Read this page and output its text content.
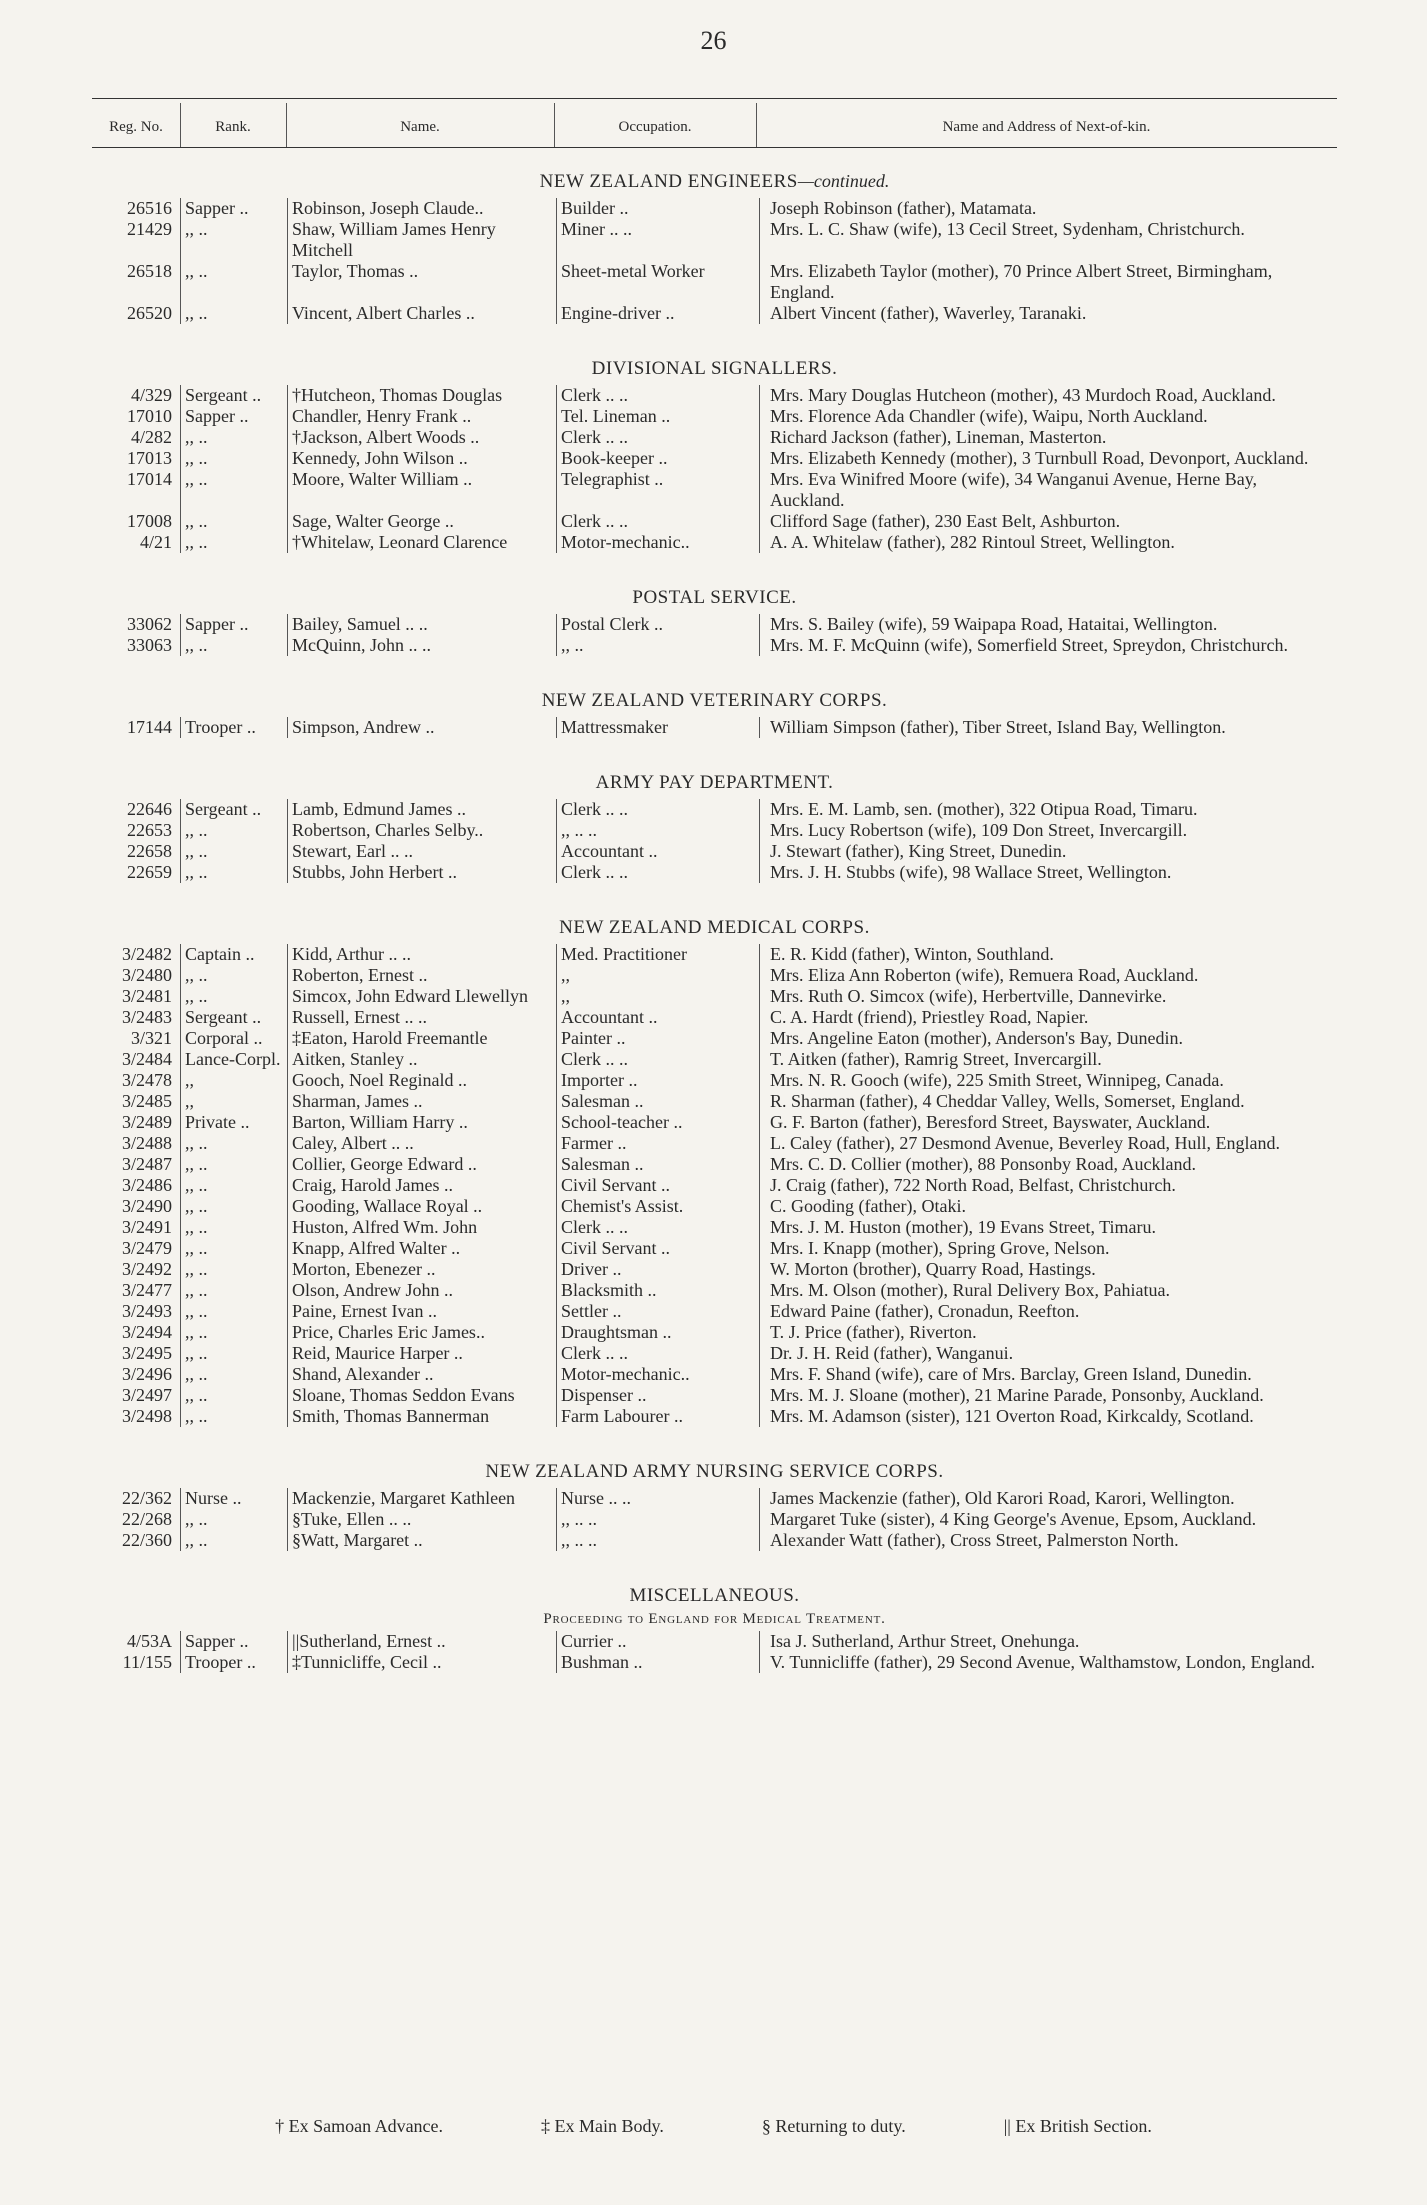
26
Reg. No.	Rank.	Name.	Occupation.	Name and Address of Next-of-kin.
NEW ZEALAND ENGINEERS—continued.
26516	Sapper ..	Robinson, Joseph Claude..	Builder ..	Joseph Robinson (father), Matamata.
21429	,, ..	Shaw, William James Henry Mitchell	Miner .. ..	Mrs. L. C. Shaw (wife), 13 Cecil Street, Sydenham, Christchurch.
26518	,, ..	Taylor, Thomas ..	Sheet-metal Worker	Mrs. Elizabeth Taylor (mother), 70 Prince Albert Street, Birmingham, England.
26520	,, ..	Vincent, Albert Charles ..	Engine-driver ..	Albert Vincent (father), Waverley, Taranaki.
DIVISIONAL SIGNALLERS.
4/329	Sergeant ..	†Hutcheon, Thomas Douglas	Clerk .. ..	Mrs. Mary Douglas Hutcheon (mother), 43 Murdoch Road, Auckland.
17010	Sapper ..	Chandler, Henry Frank ..	Tel. Lineman ..	Mrs. Florence Ada Chandler (wife), Waipu, North Auckland.
4/282	,, ..	†Jackson, Albert Woods ..	Clerk .. ..	Richard Jackson (father), Lineman, Masterton.
17013	,, ..	Kennedy, John Wilson ..	Book-keeper ..	Mrs. Elizabeth Kennedy (mother), 3 Turnbull Road, Devonport, Auckland.
17014	,, ..	Moore, Walter William ..	Telegraphist ..	Mrs. Eva Winifred Moore (wife), 34 Wanganui Avenue, Herne Bay, Auckland.
17008	,, ..	Sage, Walter George ..	Clerk .. ..	Clifford Sage (father), 230 East Belt, Ashburton.
4/21	,, ..	†Whitelaw, Leonard Clarence	Motor-mechanic..	A. A. Whitelaw (father), 282 Rintoul Street, Wellington.
POSTAL SERVICE.
33062	Sapper ..	Bailey, Samuel .. ..	Postal Clerk ..	Mrs. S. Bailey (wife), 59 Waipapa Road, Hataitai, Wellington.
33063	,, ..	McQuinn, John .. ..	,, ..	Mrs. M. F. McQuinn (wife), Somerfield Street, Spreydon, Christchurch.
NEW ZEALAND VETERINARY CORPS.
17144	Trooper ..	Simpson, Andrew ..	Mattressmaker	William Simpson (father), Tiber Street, Island Bay, Wellington.
ARMY PAY DEPARTMENT.
22646	Sergeant ..	Lamb, Edmund James ..	Clerk .. ..	Mrs. E. M. Lamb, sen. (mother), 322 Otipua Road, Timaru.
22653	,, ..	Robertson, Charles Selby..	,, .. ..	Mrs. Lucy Robertson (wife), 109 Don Street, Invercargill.
22658	,, ..	Stewart, Earl .. ..	Accountant ..	J. Stewart (father), King Street, Dunedin.
22659	,, ..	Stubbs, John Herbert ..	Clerk .. ..	Mrs. J. H. Stubbs (wife), 98 Wallace Street, Wellington.
NEW ZEALAND MEDICAL CORPS.
3/2482	Captain ..	Kidd, Arthur .. ..	Med. Practitioner	E. R. Kidd (father), Winton, Southland.
3/2480	,, ..	Roberton, Ernest ..	,,	Mrs. Eliza Ann Roberton (wife), Remuera Road, Auckland.
3/2481	,, ..	Simcox, John Edward Llewellyn	,,	Mrs. Ruth O. Simcox (wife), Herbertville, Dannevirke.
3/2483	Sergeant ..	Russell, Ernest .. ..	Accountant ..	C. A. Hardt (friend), Priestley Road, Napier.
3/321	Corporal ..	‡Eaton, Harold Freemantle	Painter ..	Mrs. Angeline Eaton (mother), Anderson's Bay, Dunedin.
3/2484	Lance-Corpl.	Aitken, Stanley ..	Clerk .. ..	T. Aitken (father), Ramrig Street, Invercargill.
3/2478	,,	Gooch, Noel Reginald ..	Importer ..	Mrs. N. R. Gooch (wife), 225 Smith Street, Winnipeg, Canada.
3/2485	,,	Sharman, James ..	Salesman ..	R. Sharman (father), 4 Cheddar Valley, Wells, Somerset, England.
3/2489	Private ..	Barton, William Harry ..	School-teacher ..	G. F. Barton (father), Beresford Street, Bayswater, Auckland.
3/2488	,, ..	Caley, Albert .. ..	Farmer ..	L. Caley (father), 27 Desmond Avenue, Beverley Road, Hull, England.
3/2487	,, ..	Collier, George Edward ..	Salesman ..	Mrs. C. D. Collier (mother), 88 Ponsonby Road, Auckland.
3/2486	,, ..	Craig, Harold James ..	Civil Servant ..	J. Craig (father), 722 North Road, Belfast, Christchurch.
3/2490	,, ..	Gooding, Wallace Royal ..	Chemist's Assist.	C. Gooding (father), Otaki.
3/2491	,, ..	Huston, Alfred Wm. John	Clerk .. ..	Mrs. J. M. Huston (mother), 19 Evans Street, Timaru.
3/2479	,, ..	Knapp, Alfred Walter ..	Civil Servant ..	Mrs. I. Knapp (mother), Spring Grove, Nelson.
3/2492	,, ..	Morton, Ebenezer ..	Driver ..	W. Morton (brother), Quarry Road, Hastings.
3/2477	,, ..	Olson, Andrew John ..	Blacksmith ..	Mrs. M. Olson (mother), Rural Delivery Box, Pahiatua.
3/2493	,, ..	Paine, Ernest Ivan ..	Settler ..	Edward Paine (father), Cronadun, Reefton.
3/2494	,, ..	Price, Charles Eric James..	Draughtsman ..	T. J. Price (father), Riverton.
3/2495	,, ..	Reid, Maurice Harper ..	Clerk .. ..	Dr. J. H. Reid (father), Wanganui.
3/2496	,, ..	Shand, Alexander ..	Motor-mechanic..	Mrs. F. Shand (wife), care of Mrs. Barclay, Green Island, Dunedin.
3/2497	,, ..	Sloane, Thomas Seddon Evans	Dispenser ..	Mrs. M. J. Sloane (mother), 21 Marine Parade, Ponsonby, Auckland.
3/2498	,, ..	Smith, Thomas Bannerman	Farm Labourer ..	Mrs. M. Adamson (sister), 121 Overton Road, Kirkcaldy, Scotland.
NEW ZEALAND ARMY NURSING SERVICE CORPS.
22/362	Nurse ..	Mackenzie, Margaret Kathleen	Nurse .. ..	James Mackenzie (father), Old Karori Road, Karori, Wellington.
22/268	,, ..	§Tuke, Ellen .. ..	,, .. ..	Margaret Tuke (sister), 4 King George's Avenue, Epsom, Auckland.
22/360	,, ..	§Watt, Margaret ..	,, .. ..	Alexander Watt (father), Cross Street, Palmerston North.
MISCELLANEOUS.
Proceeding to England for Medical Treatment.
4/53A	Sapper ..	||Sutherland, Ernest ..	Currier ..	Isa J. Sutherland, Arthur Street, Onehunga.
11/155	Trooper ..	‡Tunnicliffe, Cecil ..	Bushman ..	V. Tunnicliffe (father), 29 Second Avenue, Walthamstow, London, England.
† Ex Samoan Advance.	‡ Ex Main Body.	§ Returning to duty.	|| Ex British Section.
